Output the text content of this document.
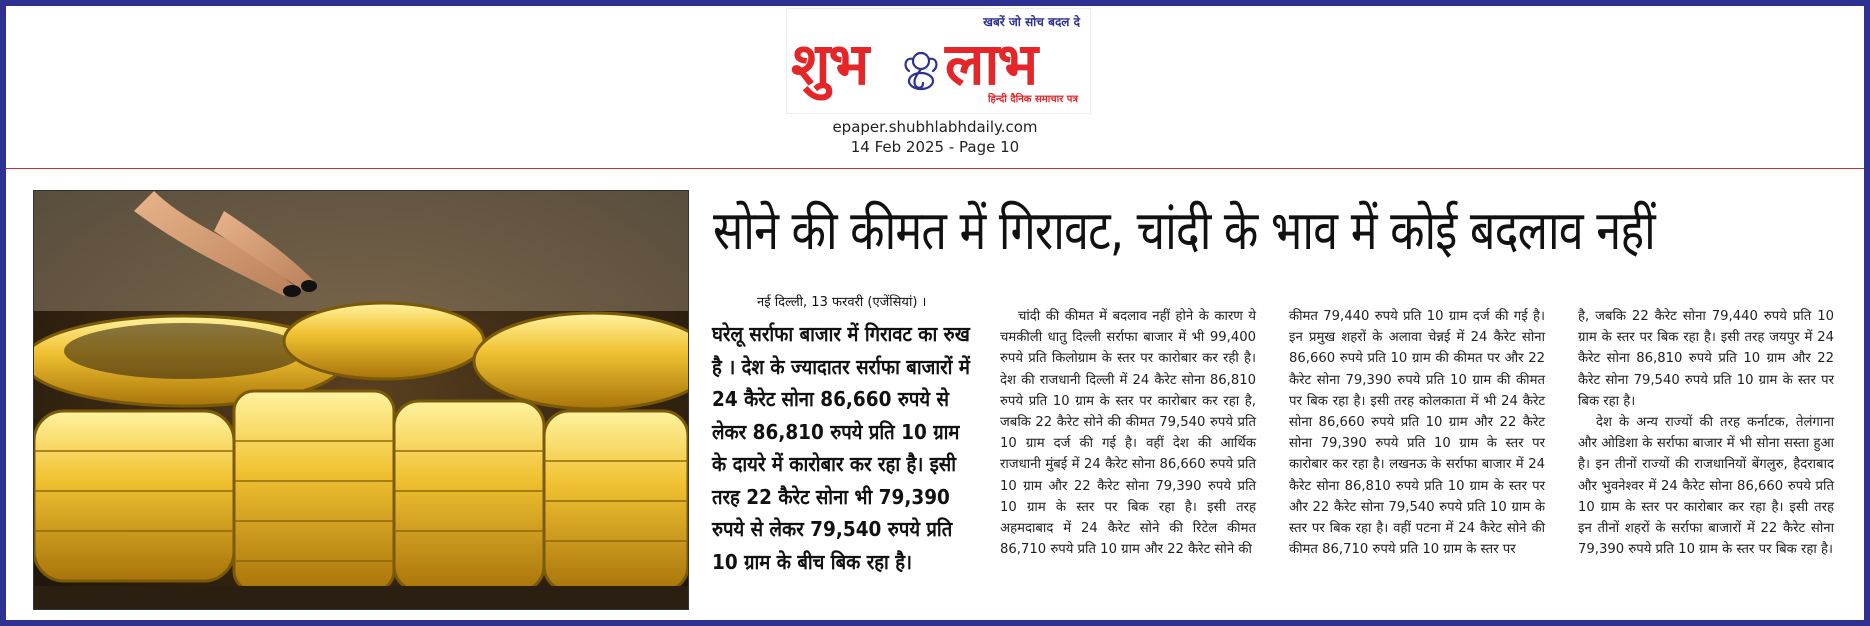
खबरें जो सोच बदल दे
शुभ लाभ
हिन्दी दैनिक समाचार पत्र
epaper.shubhlabhdaily.com
14 Feb 2025 - Page 10
सोने की कीमत में गिरावट, चांदी के भाव में कोई बदलाव नहीं
नई दिल्ली, 13 फरवरी (एजेंसियां) ।
घरेलू सर्राफा बाजार में गिरावट का रुख है । देश के ज्यादातर सर्राफा बाजारों में 24 कैरेट सोना 86,660 रुपये से लेकर 86,810 रुपये प्रति 10 ग्राम के दायरे में कारोबार कर रहा है। इसी तरह 22 कैरेट सोना भी 79,390 रुपये से लेकर 79,540 रुपये प्रति 10 ग्राम के बीच बिक रहा है।

चांदी की कीमत में बदलाव नहीं होने के कारण ये चमकीली धातु दिल्ली सर्राफा बाजार में भी 99,400 रुपये प्रति किलोग्राम के स्तर पर कारोबार कर रही है। देश की राजधानी दिल्ली में 24 कैरेट सोना 86,810 रुपये प्रति 10 ग्राम के स्तर पर कारोबार कर रहा है, जबकि 22 कैरेट सोने की कीमत 79,540 रुपये प्रति 10 ग्राम दर्ज की गई है। वहीं देश की आर्थिक राजधानी मुंबई में 24 कैरेट सोना 86,660 रुपये प्रति 10 ग्राम और 22 कैरेट सोना 79,390 रुपये प्रति 10 ग्राम के स्तर पर बिक रहा है। इसी तरह अहमदाबाद में 24 कैरेट सोने की रिटेल कीमत 86,710 रुपये प्रति 10 ग्राम और 22 कैरेट सोने की

कीमत 79,440 रुपये प्रति 10 ग्राम दर्ज की गई है। इन प्रमुख शहरों के अलावा चेन्नई में 24 कैरेट सोना 86,660 रुपये प्रति 10 ग्राम की कीमत पर और 22 कैरेट सोना 79,390 रुपये प्रति 10 ग्राम की कीमत पर बिक रहा है। इसी तरह कोलकाता में भी 24 कैरेट सोना 86,660 रुपये प्रति 10 ग्राम और 22 कैरेट सोना 79,390 रुपये प्रति 10 ग्राम के स्तर पर कारोबार कर रहा है। लखनऊ के सर्राफा बाजार में 24 कैरेट सोना 86,810 रुपये प्रति 10 ग्राम के स्तर पर और 22 कैरेट सोना 79,540 रुपये प्रति 10 ग्राम के स्तर पर बिक रहा है। वहीं पटना में 24 कैरेट सोने की कीमत 86,710 रुपये प्रति 10 ग्राम के स्तर पर

है, जबकि 22 कैरेट सोना 79,440 रुपये प्रति 10 ग्राम के स्तर पर बिक रहा है। इसी तरह जयपुर में 24 कैरेट सोना 86,810 रुपये प्रति 10 ग्राम और 22 कैरेट सोना 79,540 रुपये प्रति 10 ग्राम के स्तर पर बिक रहा है।

देश के अन्य राज्यों की तरह कर्नाटक, तेलंगाना और ओडिशा के सर्राफा बाजार में भी सोना सस्ता हुआ है। इन तीनों राज्यों की राजधानियों बेंगलुरु, हैदराबाद और भुवनेश्वर में 24 कैरेट सोना 86,660 रुपये प्रति 10 ग्राम के स्तर पर कारोबार कर रहा है। इसी तरह इन तीनों शहरों के सर्राफा बाजारों में 22 कैरेट सोना 79,390 रुपये प्रति 10 ग्राम के स्तर पर बिक रहा है।
